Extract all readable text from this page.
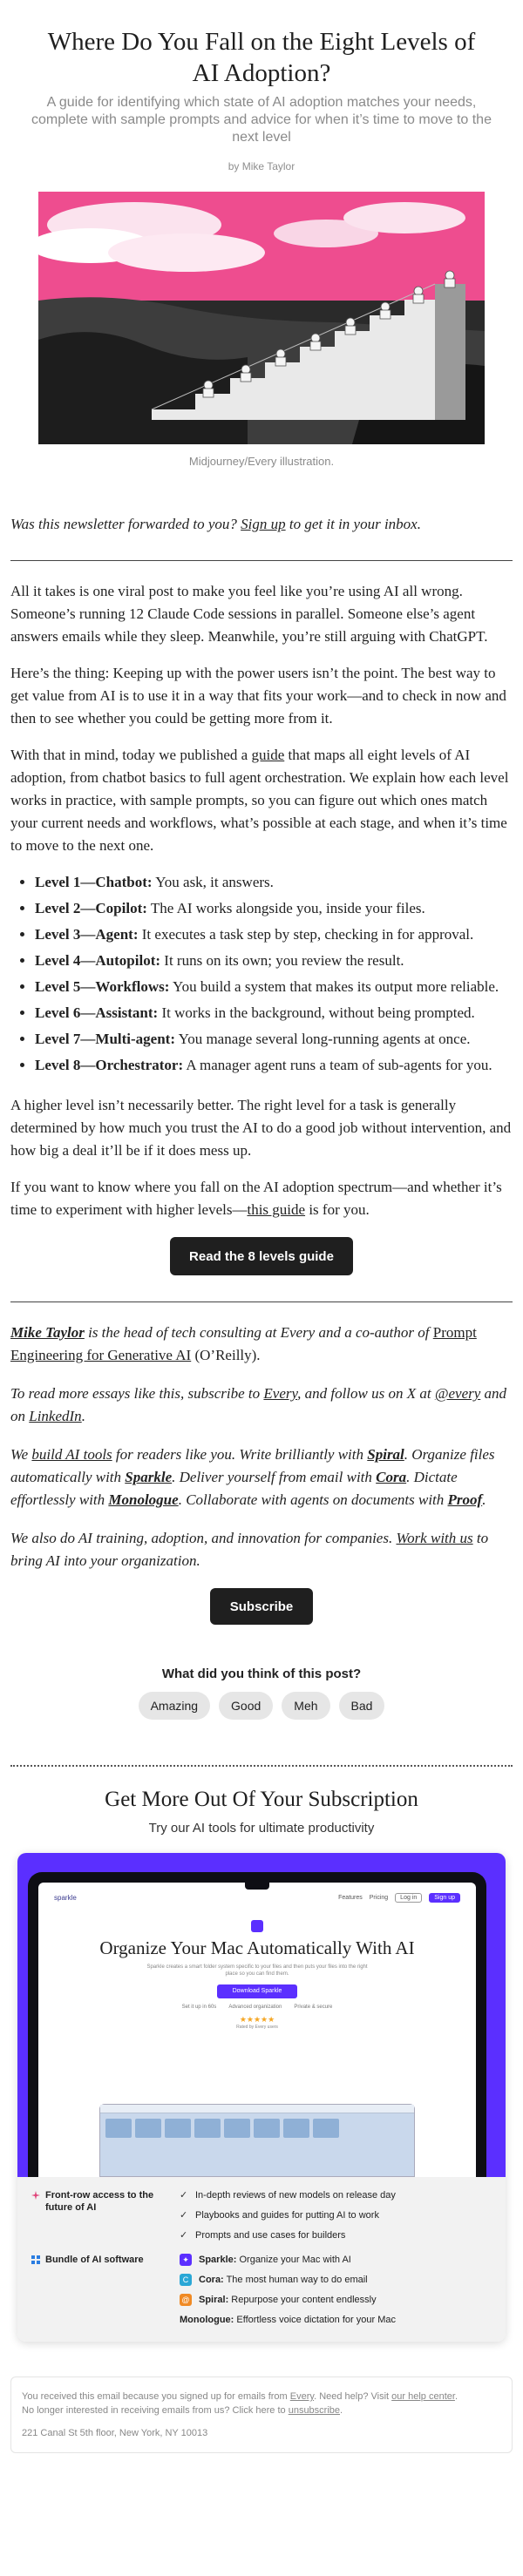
Where Do You Fall on the Eight Levels of AI Adoption?
A guide for identifying which state of AI adoption matches your needs, complete with sample prompts and advice for when it’s time to move to the next level
by Mike Taylor
Midjourney/Every illustration.

Was this newsletter forwarded to you? Sign up to get it in your inbox.

All it takes is one viral post to make you feel like you’re using AI all wrong. Someone’s running 12 Claude Code sessions in parallel. Someone else’s agent answers emails while they sleep. Meanwhile, you’re still arguing with ChatGPT.

Here’s the thing: Keeping up with the power users isn’t the point. The best way to get value from AI is to use it in a way that fits your work—and to check in now and then to see whether you could be getting more from it.

With that in mind, today we published a guide that maps all eight levels of AI adoption, from chatbot basics to full agent orchestration. We explain how each level works in practice, with sample prompts, so you can figure out which ones match your current needs and workflows, what’s possible at each stage, and when it’s time to move to the next one.

• Level 1—Chatbot: You ask, it answers.
• Level 2—Copilot: The AI works alongside you, inside your files.
• Level 3—Agent: It executes a task step by step, checking in for approval.
• Level 4—Autopilot: It runs on its own; you review the result.
• Level 5—Workflows: You build a system that makes its output more reliable.
• Level 6—Assistant: It works in the background, without being prompted.
• Level 7—Multi-agent: You manage several long-running agents at once.
• Level 8—Orchestrator: A manager agent runs a team of sub-agents for you.

A higher level isn’t necessarily better. The right level for a task is generally determined by how much you trust the AI to do a good job without intervention, and how big a deal it’ll be if it does mess up.

If you want to know where you fall on the AI adoption spectrum—and whether it’s time to experiment with higher levels—this guide is for you.

Read the 8 levels guide

Mike Taylor is the head of tech consulting at Every and a co-author of Prompt Engineering for Generative AI (O’Reilly).

To read more essays like this, subscribe to Every, and follow us on X at @every and on LinkedIn.

We build AI tools for readers like you. Write brilliantly with Spiral. Organize files automatically with Sparkle. Deliver yourself from email with Cora. Dictate effortlessly with Monologue. Collaborate with agents on documents with Proof.

We also do AI training, adoption, and innovation for companies. Work with us to bring AI into your organization.

Subscribe
What did you think of this post?
Amazing	Good	Meh	Bad
Get More Out Of Your Subscription
Try our AI tools for ultimate productivity
sparkle	Features Pricing	Log in	Sign up
Organize Your Mac Automatically With AI
Sparkle creates a smart folder system specific to your files and then puts your files into the right place so you can find them.
Download Sparkle
Set it up in 60s Advanced organization Private & secure
★★★★★
Rated by Every users
Front-row access to the future of AI
✓ In-depth reviews of new models on release day
✓ Playbooks and guides for putting AI to work
✓ Prompts and use cases for builders
Bundle of AI software	✦ Sparkle: Organize your Mac with AI
C	Cora: The most human way to do email
@ Spiral: Repurpose your content endlessly
Monologue: Effortless voice dictation for your Mac
You received this email because you signed up for emails from Every. Need help? Visit our help center.
No longer interested in receiving emails from us? Click here to unsubscribe.
221 Canal St 5th floor, New York, NY 10013
